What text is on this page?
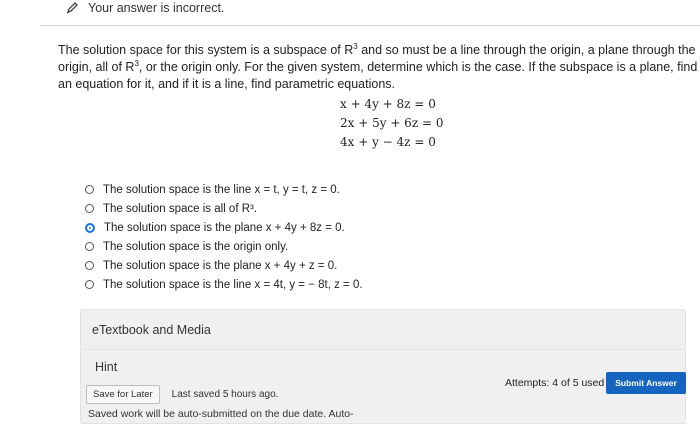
Your answer is incorrect.
The solution space for this system is a subspace of $R^3$ and so must be a line through the origin, a plane through the origin, all of $R^3$, or the origin only. For the given system, determine which is the case. If the subspace is a plane, find an equation for it, and if it is a line, find parametric equations.
x + 4y + 8z = 0
2x + 5y + 6z = 0
4x + y − 4z = 0
The solution space is the line x = t, y = t, z = 0.
The solution space is all of R³.
The solution space is the plane x + 4y + 8z = 0.
The solution space is the origin only.
The solution space is the plane x + 4y + z = 0.
The solution space is the line x = 4t, y = − 8t, z = 0.
eTextbook and Media
Hint
Save for Later	Last saved 5 hours ago.
Saved work will be auto-submitted on the due date. Auto-
Attempts: 4 of 5 used	Submit Answer
